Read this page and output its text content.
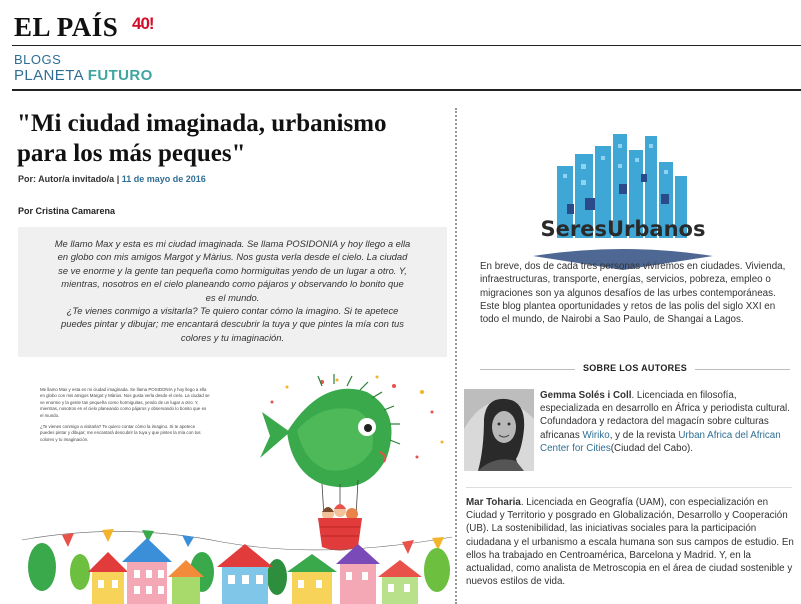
EL PAÍS 40!
BLOGS
PLANETA FUTURO
"Mi ciudad imaginada, urbanismo para los más peques"
Por: Autor/a invitado/a | 11 de mayo de 2016
Por Cristina Camarena
Me llamo Max y esta es mi ciudad imaginada. Se llama POSIDONIA y hoy llego a ella
en globo con mis amigos Margot y Màrius. Nos gusta verla desde el cielo. La ciudad
se ve enorme y la gente tan pequeña como hormiguitas yendo de un lugar a otro. Y,
mientras, nosotros en el cielo planeando como pájaros y observando lo bonito que
es el mundo.
¿Te vienes conmigo a visitarla? Te quiero contar cómo la imagino. Si te apetece
puedes pintar y dibujar; me encantará descubrir la tuya y que pintes la mía con tus
colores y tu imaginación.

Me llamo Max y esta es mi ciudad imaginada. Se llama POSIDONIA y hoy llego a ella en globo con mis amigos Margot y Màrius. Nos gusta verla desde el cielo. La ciudad se ve enorme y la gente tan pequeña como hormiguitas, yendo de un lugar a otro. Y, mientras, nosotros en el cielo planeando como pájaros y observando lo bonito que es el mundo.

¿Te vienes conmigo a visitarla? Te quiero contar cómo la imagino. Si te apetece puedes pintar y dibujar; me encantará descubrir la tuya y que pintes la mía con tus colores y tu imaginación.

SeresUrbanos

En breve, dos de cada tres personas viviremos en ciudades. Vivienda, infraestructuras, transporte, energías, servicios, pobreza, empleo o migraciones son ya algunos desafíos de las urbes contemporáneas. Este blog plantea oportunidades y retos de las polis del siglo XXI en todo el mundo, de Nairobi a Sao Paulo, de Shangai a Lagos.

SOBRE LOS AUTORES

Gemma Solés i Coll. Licenciada en filosofía, especializada en desarrollo en África y periodista cultural. Cofundadora y redactora del magacín sobre culturas africanas Wiriko, y de la revista Urban Africa del African Center for Cities(Ciudad del Cabo).

Mar Toharia. Licenciada en Geografía (UAM), con especialización en Ciudad y Territorio y posgrado en Globalización, Desarrollo y Cooperación (UB). La sostenibilidad, las iniciativas sociales para la participación ciudadana y el urbanismo a escala humana son sus campos de estudio. En ellos ha trabajado en Centroamérica, Barcelona y Madrid. Y, en la actualidad, como analista de Metroscopia en el área de ciudad sostenible y nuevos estilos de vida.
